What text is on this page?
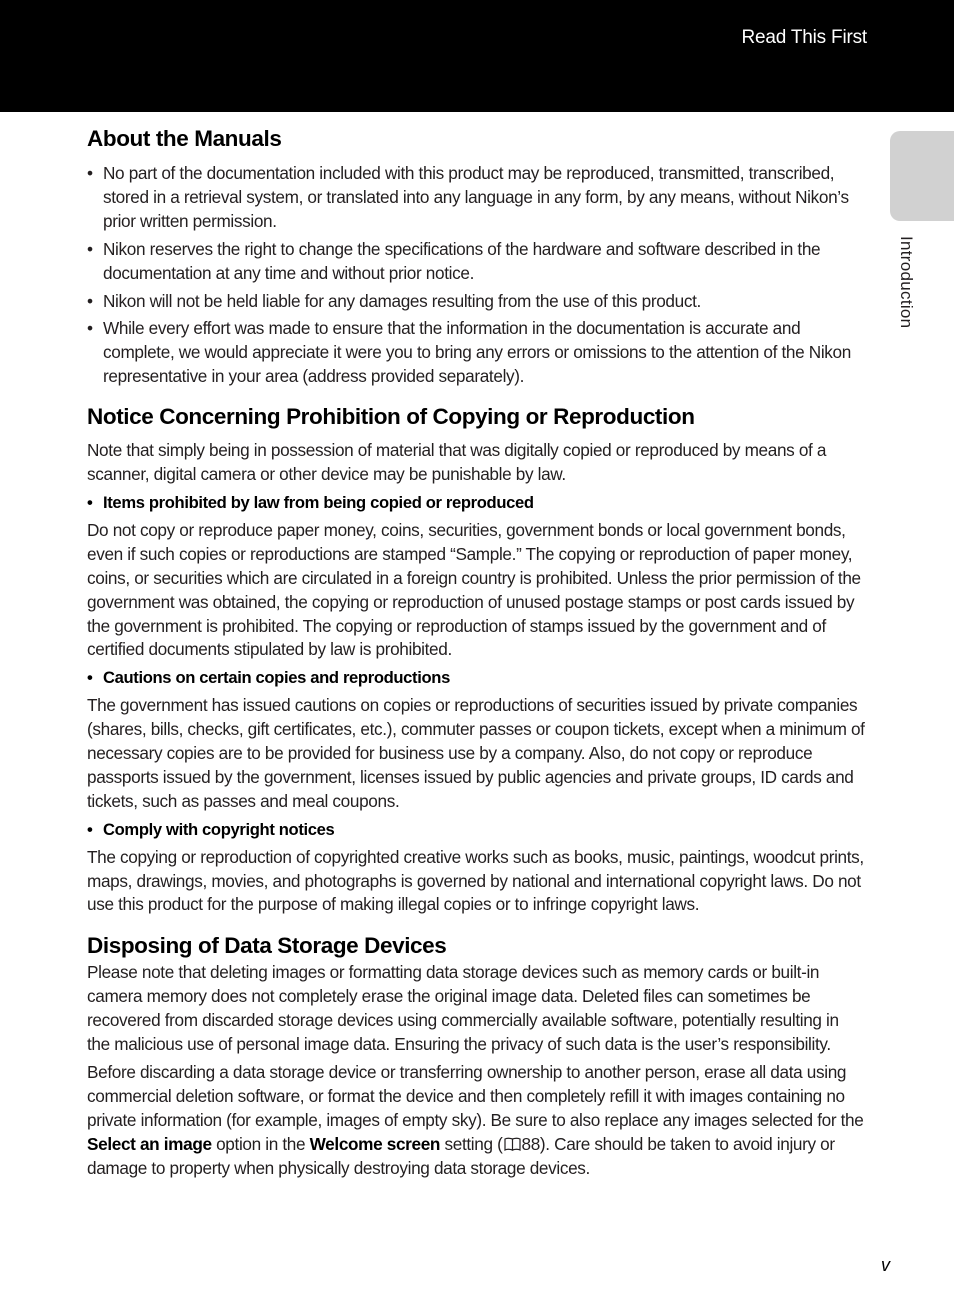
Read This First
Introduction
About the Manuals
• No part of the documentation included with this product may be reproduced, transmitted, transcribed, stored in a retrieval system, or translated into any language in any form, by any means, without Nikon’s prior written permission.
• Nikon reserves the right to change the specifications of the hardware and software described in the documentation at any time and without prior notice.
• Nikon will not be held liable for any damages resulting from the use of this product.
• While every effort was made to ensure that the information in the documentation is accurate and complete, we would appreciate it were you to bring any errors or omissions to the attention of the Nikon representative in your area (address provided separately).
Notice Concerning Prohibition of Copying or Reproduction

Note that simply being in possession of material that was digitally copied or reproduced by means of a scanner, digital camera or other device may be punishable by law.

• Items prohibited by law from being copied or reproduced

Do not copy or reproduce paper money, coins, securities, government bonds or local government bonds, even if such copies or reproductions are stamped “Sample.” The copying or reproduction of paper money, coins, or securities which are circulated in a foreign country is prohibited. Unless the prior permission of the government was obtained, the copying or reproduction of unused postage stamps or post cards issued by the government is prohibited. The copying or reproduction of stamps issued by the government and of certified documents stipulated by law is prohibited.

• Cautions on certain copies and reproductions

The government has issued cautions on copies or reproductions of securities issued by private companies (shares, bills, checks, gift certificates, etc.), commuter passes or coupon tickets, except when a minimum of necessary copies are to be provided for business use by a company. Also, do not copy or reproduce passports issued by the government, licenses issued by public agencies and private groups, ID cards and tickets, such as passes and meal coupons.

• Comply with copyright notices

The copying or reproduction of copyrighted creative works such as books, music, paintings, woodcut prints, maps, drawings, movies, and photographs is governed by national and international copyright laws. Do not use this product for the purpose of making illegal copies or to infringe copyright laws.

Disposing of Data Storage Devices

Please note that deleting images or formatting data storage devices such as memory cards or built-in camera memory does not completely erase the original image data. Deleted files can sometimes be recovered from discarded storage devices using commercially available software, potentially resulting in the malicious use of personal image data. Ensuring the privacy of such data is the user’s responsibility.

Before discarding a data storage device or transferring ownership to another person, erase all data using commercial deletion software, or format the device and then completely refill it with images containing no private information (for example, images of empty sky). Be sure to also replace any images selected for the Select an image option in the Welcome screen setting ( 88). Care should be taken to avoid injury or damage to property when physically destroying data storage devices.

v
